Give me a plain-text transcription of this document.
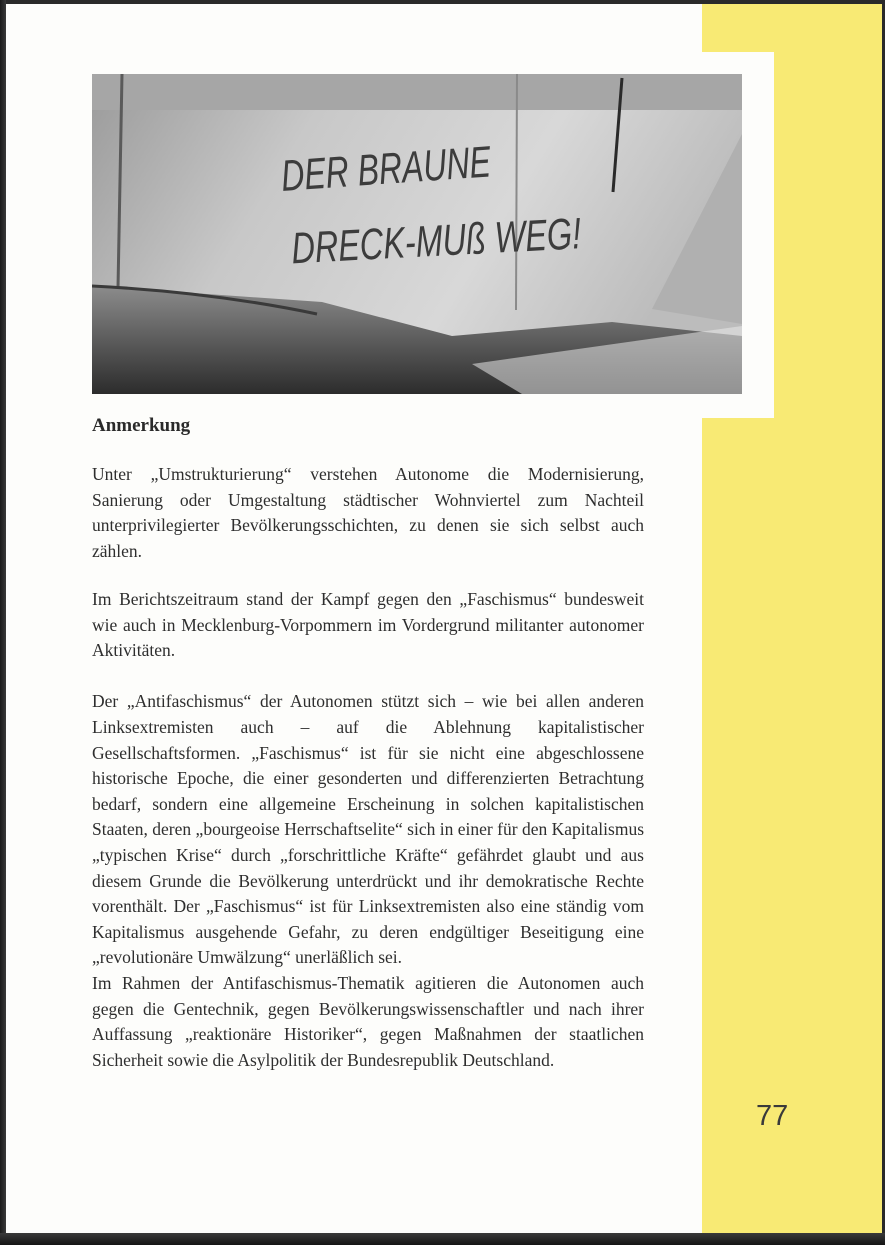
DER BRAUNE
DRECK-MUß WEG!
Anmerkung

Unter „Umstrukturierung“ verstehen Autonome die Modernisierung, Sanierung oder Umgestaltung städtischer Wohnviertel zum Nachteil unterprivilegierter Bevölkerungsschichten, zu denen sie sich selbst auch zählen.

Im Berichtszeitraum stand der Kampf gegen den „Faschismus“ bundesweit wie auch in Mecklenburg-Vorpommern im Vordergrund militanter autonomer Aktivitäten.

Der „Antifaschismus“ der Autonomen stützt sich – wie bei allen anderen Linksextremisten auch – auf die Ablehnung kapitalistischer Gesellschaftsformen. „Faschismus“ ist für sie nicht eine abgeschlossene historische Epoche, die einer gesonderten und differenzierten Betrachtung bedarf, sondern eine allgemeine Erscheinung in solchen kapitalistischen Staaten, deren „bourgeoise Herrschaftselite“ sich in einer für den Kapitalismus „typischen Krise“ durch „forschrittliche Kräfte“ gefährdet glaubt und aus diesem Grunde die Bevölkerung unterdrückt und ihr demokratische Rechte vorenthält. Der „Faschismus“ ist für Linksextremisten also eine ständig vom Kapitalismus ausgehende Gefahr, zu deren endgültiger Beseitigung eine „revolutionäre Umwälzung“ unerläßlich sei.

Im Rahmen der Antifaschismus-Thematik agitieren die Autonomen auch gegen die Gentechnik, gegen Bevölkerungswissenschaftler und nach ihrer Auffassung „reaktionäre Historiker“, gegen Maßnahmen der staatlichen Sicherheit sowie die Asylpolitik der Bundesrepublik Deutschland.

77
